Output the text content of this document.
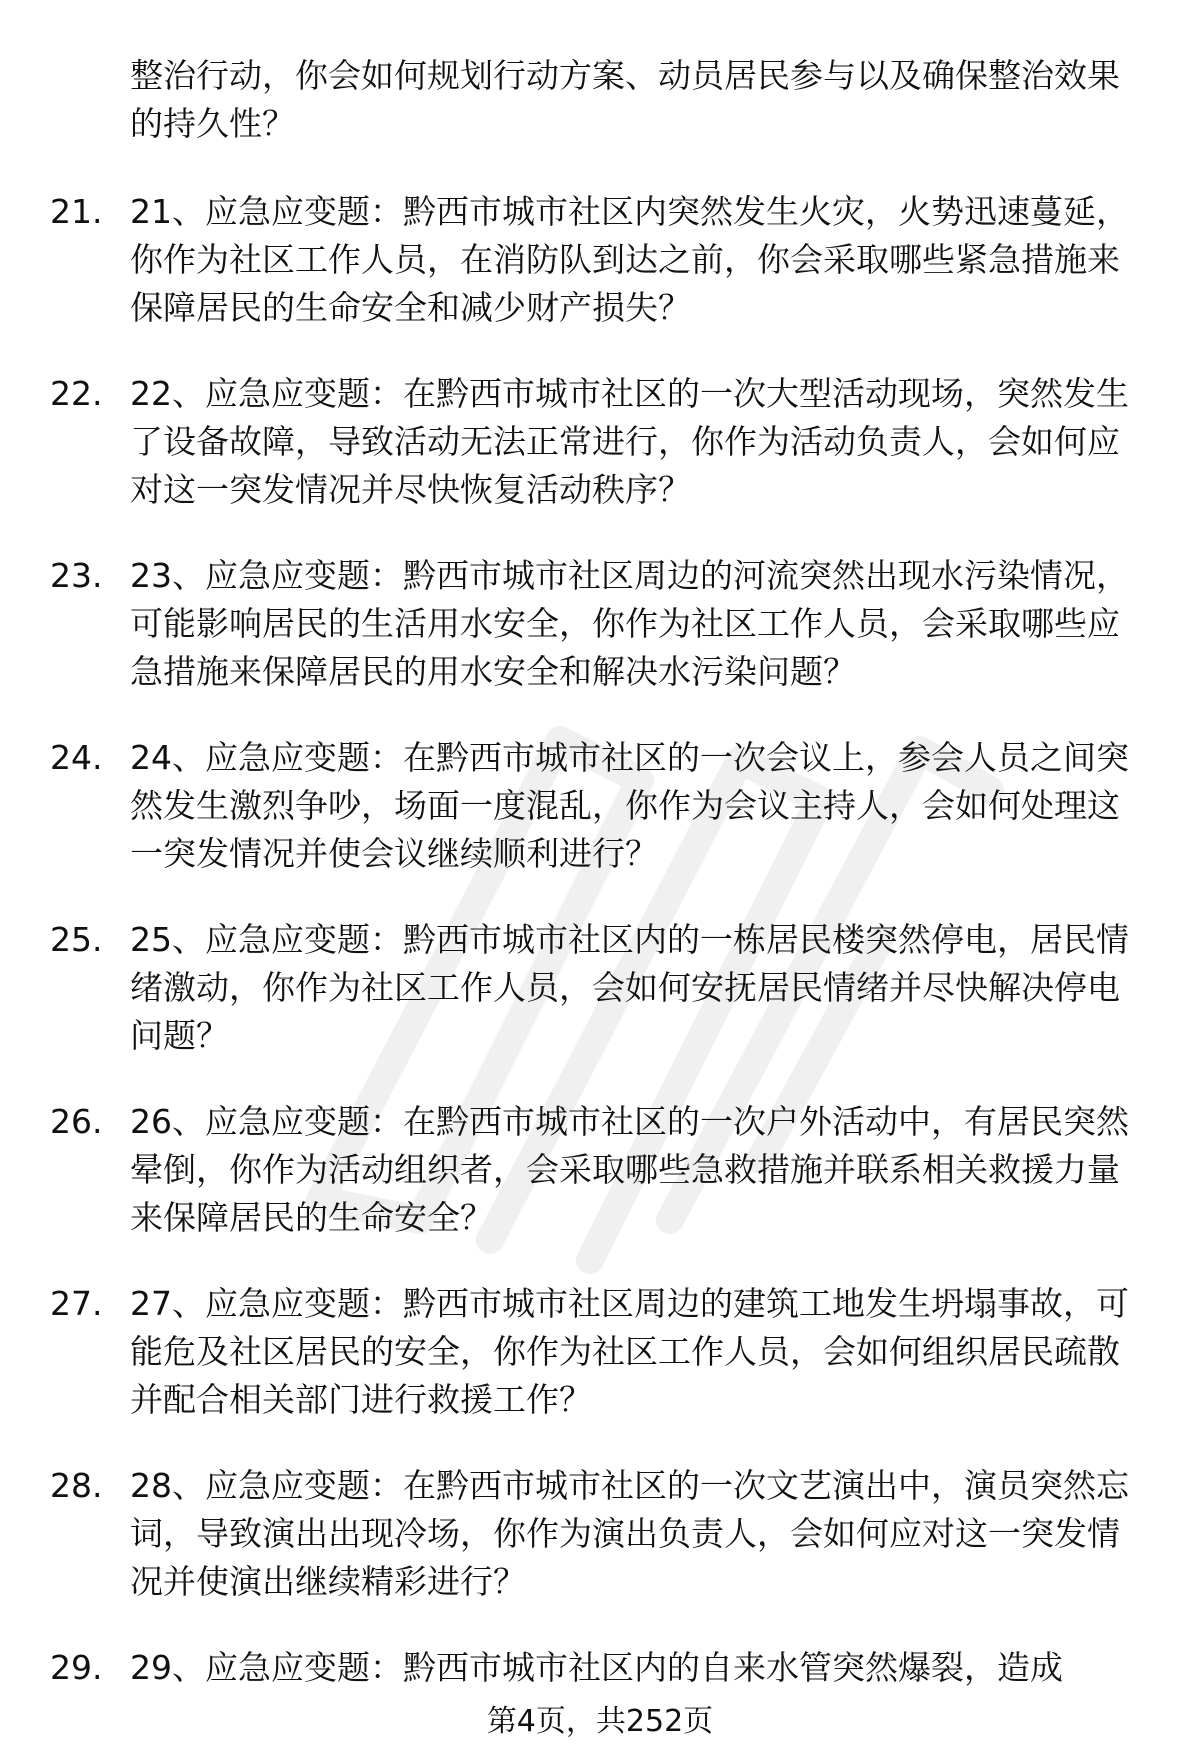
整治行动，你会如何规划行动方案、动员居民参与以及确保整治效果的持久性？
21. 21、应急应变题：黔西市城市社区内突然发生火灾，火势迅速蔓延，你作为社区工作人员，在消防队到达之前，你会采取哪些紧急措施来保障居民的生命安全和减少财产损失？
22. 22、应急应变题：在黔西市城市社区的一次大型活动现场，突然发生了设备故障，导致活动无法正常进行，你作为活动负责人，会如何应对这一突发情况并尽快恢复活动秩序？
23. 23、应急应变题：黔西市城市社区周边的河流突然出现水污染情况，可能影响居民的生活用水安全，你作为社区工作人员，会采取哪些应急措施来保障居民的用水安全和解决水污染问题？
24. 24、应急应变题：在黔西市城市社区的一次会议上，参会人员之间突然发生激烈争吵，场面一度混乱，你作为会议主持人，会如何处理这一突发情况并使会议继续顺利进行？
25. 25、应急应变题：黔西市城市社区内的一栋居民楼突然停电，居民情绪激动，你作为社区工作人员，会如何安抚居民情绪并尽快解决停电问题？
26. 26、应急应变题：在黔西市城市社区的一次户外活动中，有居民突然晕倒，你作为活动组织者，会采取哪些急救措施并联系相关救援力量来保障居民的生命安全？
27. 27、应急应变题：黔西市城市社区周边的建筑工地发生坍塌事故，可能危及社区居民的安全，你作为社区工作人员，会如何组织居民疏散并配合相关部门进行救援工作？
28. 28、应急应变题：在黔西市城市社区的一次文艺演出中，演员突然忘词，导致演出出现冷场，你作为演出负责人，会如何应对这一突发情况并使演出继续精彩进行？
29. 29、应急应变题：黔西市城市社区内的自来水管突然爆裂，造成
第4页，共252页
